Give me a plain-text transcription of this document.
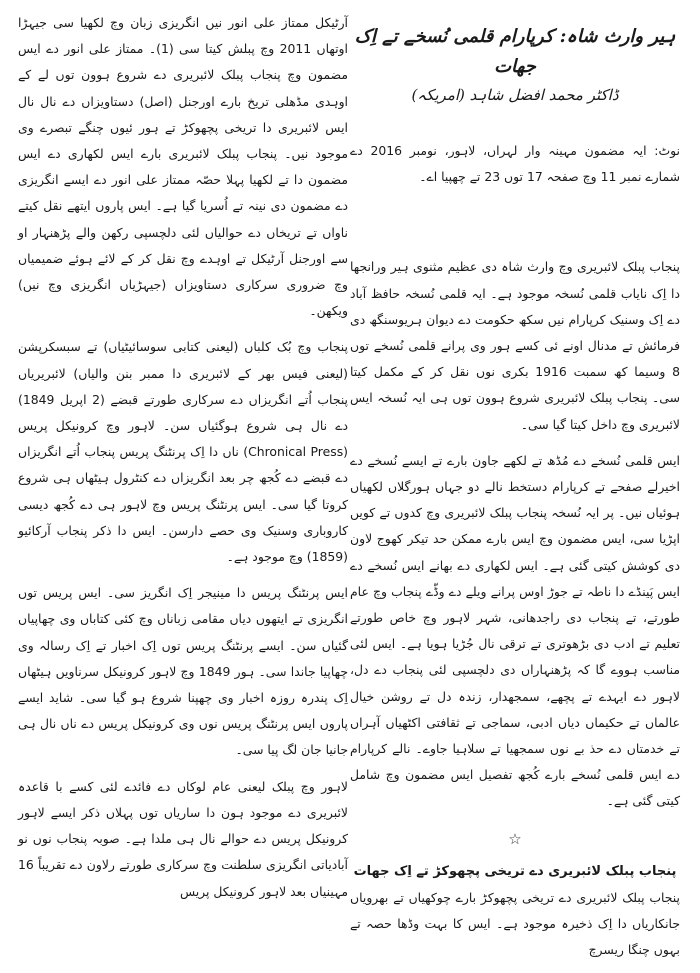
ہیر وارث شاہ: کرپارام قلمی نُسخے تے اِک جھات
ڈاکٹر محمد افضل شاہد (امریکہ)

نوٹ: ایہ مضمون مہینہ وار لہراں، لاہور، نومبر 2016 دے شمارے نمبر 11 وچ صفحہ 17 توں 23 تے چھپیا اے۔

پنجاب پبلک لائبریری وچ وارث شاہ دی عظیم مثنوی ہیر ورانجھا دا اِک نایاب قلمی نُسخہ موجود ہے۔ ایہ قلمی نُسخہ حافظ آباد دے اِک وسنیک کرپارام نیں سکھ حکومت دے دیوان ہریوسنگھ دی فرمائش تے مدنال اونے ئی کسے ہور وی پرانے قلمی نُسخے توں 8 وسیما کھ سمبت 1916 بکری نوں نقل کر کے مکمل کیتا سی۔ پنجاب پبلک لائبریری شروع ہوون توں ہی ایہ نُسخہ ایس لائبریری وچ داخل کیتا گیا سی۔

ایس قلمی نُسخے دے مُڈھ تے لکھے جاون بارے تے ایسے نُسخے دے اخیرلے صفحے تے کرپارام دستخط نالے دو جہاں ہورگلاں لکھیاں ہوئیاں نیں۔ پر ایہ نُسخہ پنجاب پبلک لائبریری وچ کدوں تے کویں اپڑیا سی، ایس مضمون وچ ایس بارے ممکن حد تیکر کھوج لاون دی کوشش کیتی گئی ہے۔ ایس لکھاری دے بھانے ایس نُسخے دے ایس پَینڈے دا ناطہ تے جوڑ اوس پرانے ویلے دے وڈّے پنجاب وچ عام طورتے، تے پنجاب دی راجدھانی، شہر لاہور وچ خاص طورتے تعلیم تے ادب دی بڑھوتری تے ترقی نال جُڑیا ہویا ہے۔ ایس لئی مناسب ہووے گا کہ پڑھنہاراں دی دلچسپی لئی پنجاب دے دل، لاہور دے ایہدے تے پچھے، سمجھدار، زندہ دل تے روشن خیال عالماں تے حکیماں دیاں ادبی، سماجی تے ثقافتی اکٹھیاں آہراں تے خدمتاں دے حذ بے نوں سمجھیا تے سلاہیا جاوے۔ نالے کرپارام دے ایس قلمی نُسخے بارے کُجھ تفصیل ایس مضمون وچ شامل کیتی گئی ہے۔

☆
پنجاب پبلک لائبریری دے تریخی پچھوکڑ تے اِک جھات

پنجاب پبلک لائبریری دے تریخی پچھوکڑ بارے چوکھیاں تے بھرویاں جانکاریاں دا اِک ذخیرہ موجود ہے۔ ایس کا بہت وڈھا حصہ تے بہوں چنگا ریسرچ

آرٹیکل ممتاز علی انور نیں انگریزی زبان وچ لکھیا سی جیہڑا اوتھاں 2011 وچ پبلش کیتا سی (1)۔ ممتاز علی انور دے ایس مضمون وچ پنجاب پبلک لائبریری دے شروع ہوون توں لے کے اوہدی مڈھلی تریخ بارے اورجنل (اصل) دستاویزاں دے نال نال ایس لائبریری دا تریخی پچھوکڑ تے ہور ئیوں چنگے تبصرے وی موجود نیں۔ پنجاب پبلک لائبریری بارے ایس لکھاری دے ایس مضمون دا تے لکھیا پہلا حصّہ ممتاز علی انور دے ایسے انگریزی دے مضمون دی نینہ تے اُسریا گیا ہے۔ ایس پاروں ایتھے نقل کیتے ناواں تے تریخاں دے حوالیاں لئی دلچسپی رکھن والے پڑھنہار او سے اورجنل آرٹیکل تے اوہدے وچ نقل کر کے لائے ہوئے ضمیمیاں وچ ضروری سرکاری دستاویزاں (جیہڑیاں انگریزی وچ نیں) ویکھن۔

پنجاب وچ بُک کلباں (لیعنی کتابی سوسائیٹیاں) تے سبسکرپشن (لیعنی فیس بھر کے لائبریری دا ممبر بنن والیاں) لائبریریاں پنجاب اُتے انگریزاں دے سرکاری طورتے قبضے (2 اپریل 1849) دے نال ہی شروع ہوگئیاں سن۔ لاہور وچ کرونیکل پریس (Chronical Press) ناں دا اِک پرنٹنگ پریس پنجاب اُتے انگریزاں دے قبضے دے کُجھ چر بعد انگریزاں دے کنٹرول ہیٹھاں ہی شروع کروتا گیا سی۔ ایس پرنٹنگ پریس وچ لاہور ہی دے کُجھ دیسی کاروباری وسنیک وی حصے دارسن۔ ایس دا ذکر پنجاب آرکائیو (1859) وچ موجود ہے۔

ایس پرنٹنگ پریس دا مینیجر اِک انگریز سی۔ ایس پریس توں انگریزی تے ایتھوں دیاں مقامی زباناں وچ کئی کتاباں وی چھاپیاں گئیاں سن۔ ایسے پرنٹنگ پریس توں اِک اخبار تے اِک رسالہ وی چھاپیا جاندا سی۔ ہور 1849 وچ لاہور کرونیکل سرناویں ہیٹھاں اِک پندرہ روزہ اخبار وی چھپنا شروع ہو گیا سی۔ شاید ایسے پاروں ایس پرنٹنگ پریس نوں وی کرونیکل پریس دے ناں نال ہی جانیا جان لگ پیا سی۔

لاہور وچ پبلک لیعنی عام لوکاں دے فائدے لئی کسے با قاعدہ لائبریری دے موجود ہون دا ساریاں توں پہلاں ذکر ایسے لاہور کرونیکل پریس دے حوالے نال ہی ملدا ہے۔ صوبہ پنجاب نوں نو آبادیاتی انگریزی سلطنت وچ سرکاری طورتے رلاون دے تقریباً 16 مہینیاں بعد لاہور کرونیکل پریس
